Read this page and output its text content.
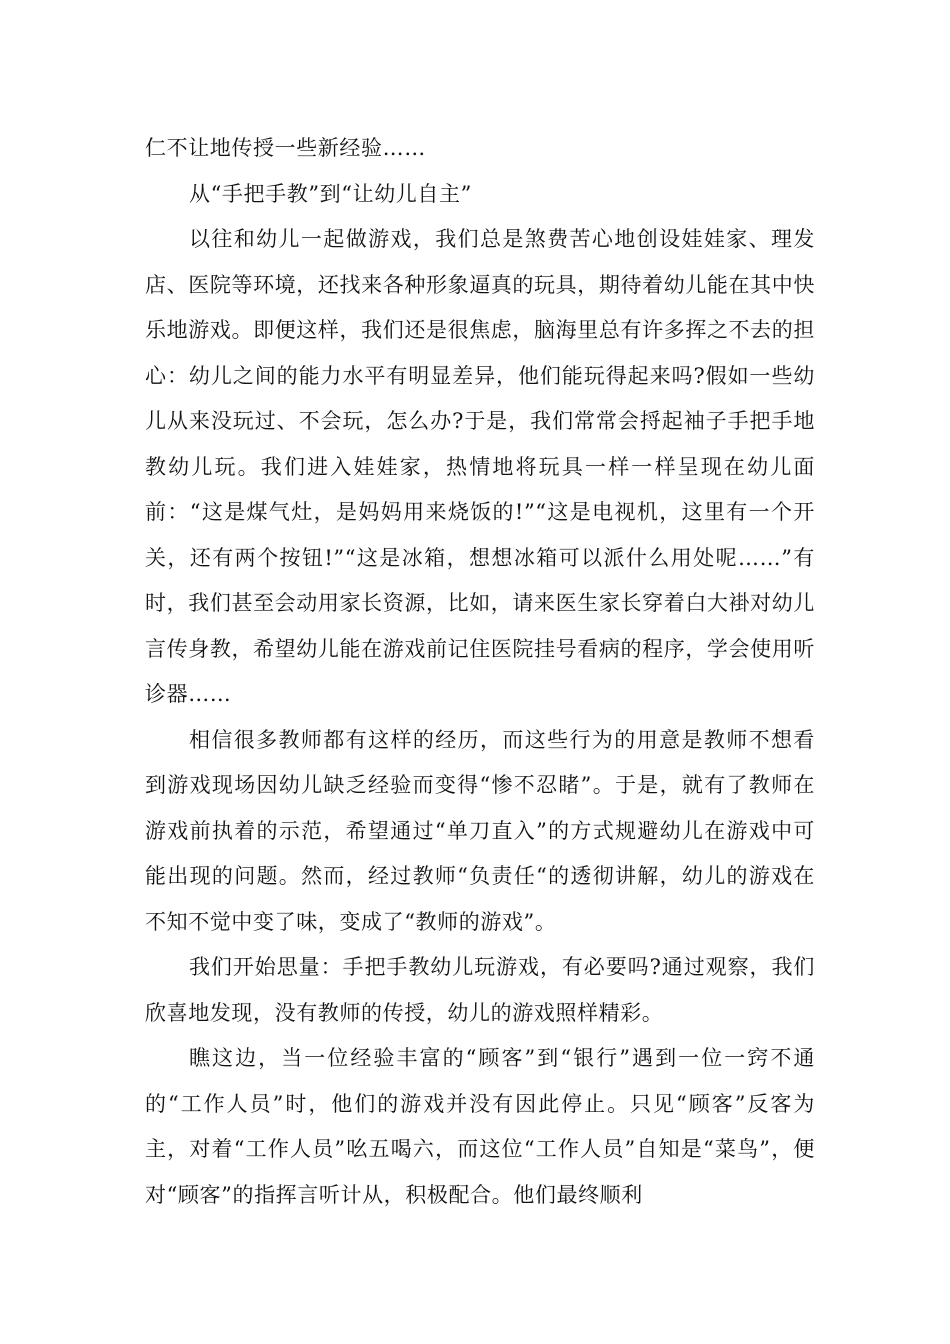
仁不让地传授一些新经验……

从“手把手教”到“让幼儿自主”

以往和幼儿一起做游戏，我们总是煞费苦心地创设娃娃家、理发店、医院等环境，还找来各种形象逼真的玩具，期待着幼儿能在其中快乐地游戏。即便这样，我们还是很焦虑，脑海里总有许多挥之不去的担心：幼儿之间的能力水平有明显差异，他们能玩得起来吗?假如一些幼儿从来没玩过、不会玩，怎么办?于是，我们常常会捋起袖子手把手地教幼儿玩。我们进入娃娃家，热情地将玩具一样一样呈现在幼儿面前：“这是煤气灶，是妈妈用来烧饭的!”“这是电视机，这里有一个开关，还有两个按钮!”“这是冰箱，想想冰箱可以派什么用处呢……”有时，我们甚至会动用家长资源，比如，请来医生家长穿着白大褂对幼儿言传身教，希望幼儿能在游戏前记住医院挂号看病的程序，学会使用听诊器……

相信很多教师都有这样的经历，而这些行为的用意是教师不想看到游戏现场因幼儿缺乏经验而变得“惨不忍睹”。于是，就有了教师在游戏前执着的示范，希望通过“单刀直入”的方式规避幼儿在游戏中可能出现的问题。然而，经过教师“负责任“的透彻讲解，幼儿的游戏在不知不觉中变了味，变成了“教师的游戏”。

我们开始思量：手把手教幼儿玩游戏，有必要吗?通过观察，我们欣喜地发现，没有教师的传授，幼儿的游戏照样精彩。

瞧这边，当一位经验丰富的“顾客”到“银行”遇到一位一窍不通的“工作人员”时，他们的游戏并没有因此停止。只见“顾客”反客为主，对着“工作人员”吆五喝六，而这位“工作人员”自知是“菜鸟”，便对“顾客”的指挥言听计从，积极配合。他们最终顺利
